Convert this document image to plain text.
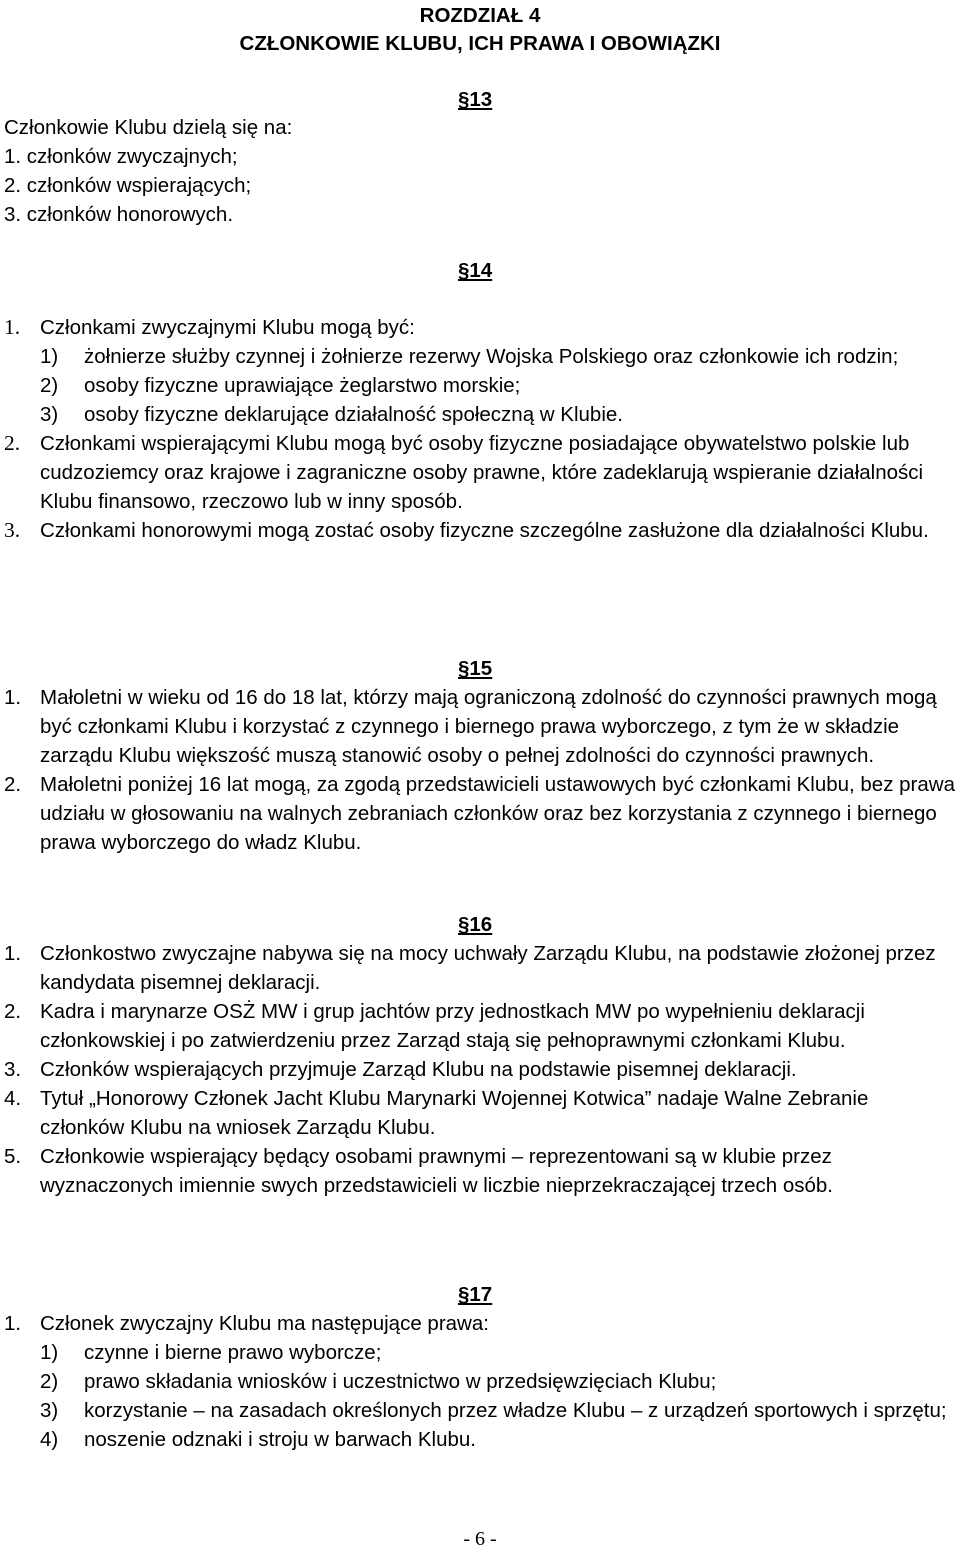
ROZDZIAŁ 4
CZŁONKOWIE KLUBU, ICH PRAWA I OBOWIĄZKI
§13
Członkowie Klubu dzielą się na:
1. członków zwyczajnych;
2. członków wspierających;
3. członków honorowych.
§14
1. Członkami zwyczajnymi Klubu mogą być:
1)	żołnierze służby czynnej i żołnierze rezerwy Wojska Polskiego oraz członkowie ich rodzin;
2)	osoby fizyczne uprawiające żeglarstwo morskie;
3)	osoby fizyczne deklarujące działalność społeczną w Klubie.
2. Członkami wspierającymi Klubu mogą być osoby fizyczne posiadające obywatelstwo polskie lub cudzoziemcy oraz krajowe i zagraniczne osoby prawne, które zadeklarują wspieranie działalności Klubu finansowo, rzeczowo lub w inny sposób.
3. Członkami honorowymi mogą zostać osoby fizyczne szczególne zasłużone dla działalności Klubu.
§15
1. Małoletni w wieku od 16 do 18 lat, którzy mają ograniczoną zdolność do czynności prawnych mogą być członkami Klubu i korzystać z czynnego i biernego prawa wyborczego, z tym że w składzie zarządu Klubu większość muszą stanowić osoby o pełnej zdolności do czynności prawnych.
2. Małoletni poniżej 16 lat mogą, za zgodą przedstawicieli ustawowych być członkami Klubu, bez prawa udziału w głosowaniu na walnych zebraniach członków oraz bez korzystania z czynnego i biernego prawa wyborczego do władz Klubu.
§16
1. Członkostwo zwyczajne nabywa się na mocy uchwały Zarządu Klubu, na podstawie złożonej przez kandydata pisemnej deklaracji.
2. Kadra i marynarze OSŻ MW i grup jachtów przy jednostkach MW po wypełnieniu deklaracji członkowskiej i po zatwierdzeniu przez Zarząd stają się pełnoprawnymi członkami Klubu.
3. Członków wspierających przyjmuje Zarząd Klubu na podstawie pisemnej deklaracji.
4. Tytuł „Honorowy Członek Jacht Klubu Marynarki Wojennej Kotwica” nadaje Walne Zebranie członków Klubu na wniosek Zarządu Klubu.
5. Członkowie wspierający będący osobami prawnymi – reprezentowani są w klubie przez wyznaczonych imiennie swych przedstawicieli w liczbie nieprzekraczającej trzech osób.
§17
1. Członek zwyczajny Klubu ma następujące prawa:
1)	czynne i bierne prawo wyborcze;
2)	prawo składania wniosków i uczestnictwo w przedsięwzięciach Klubu;
3)	korzystanie – na zasadach określonych przez władze Klubu – z urządzeń sportowych i sprzętu;
4)	noszenie odznaki i stroju w barwach Klubu.
- 6 -
